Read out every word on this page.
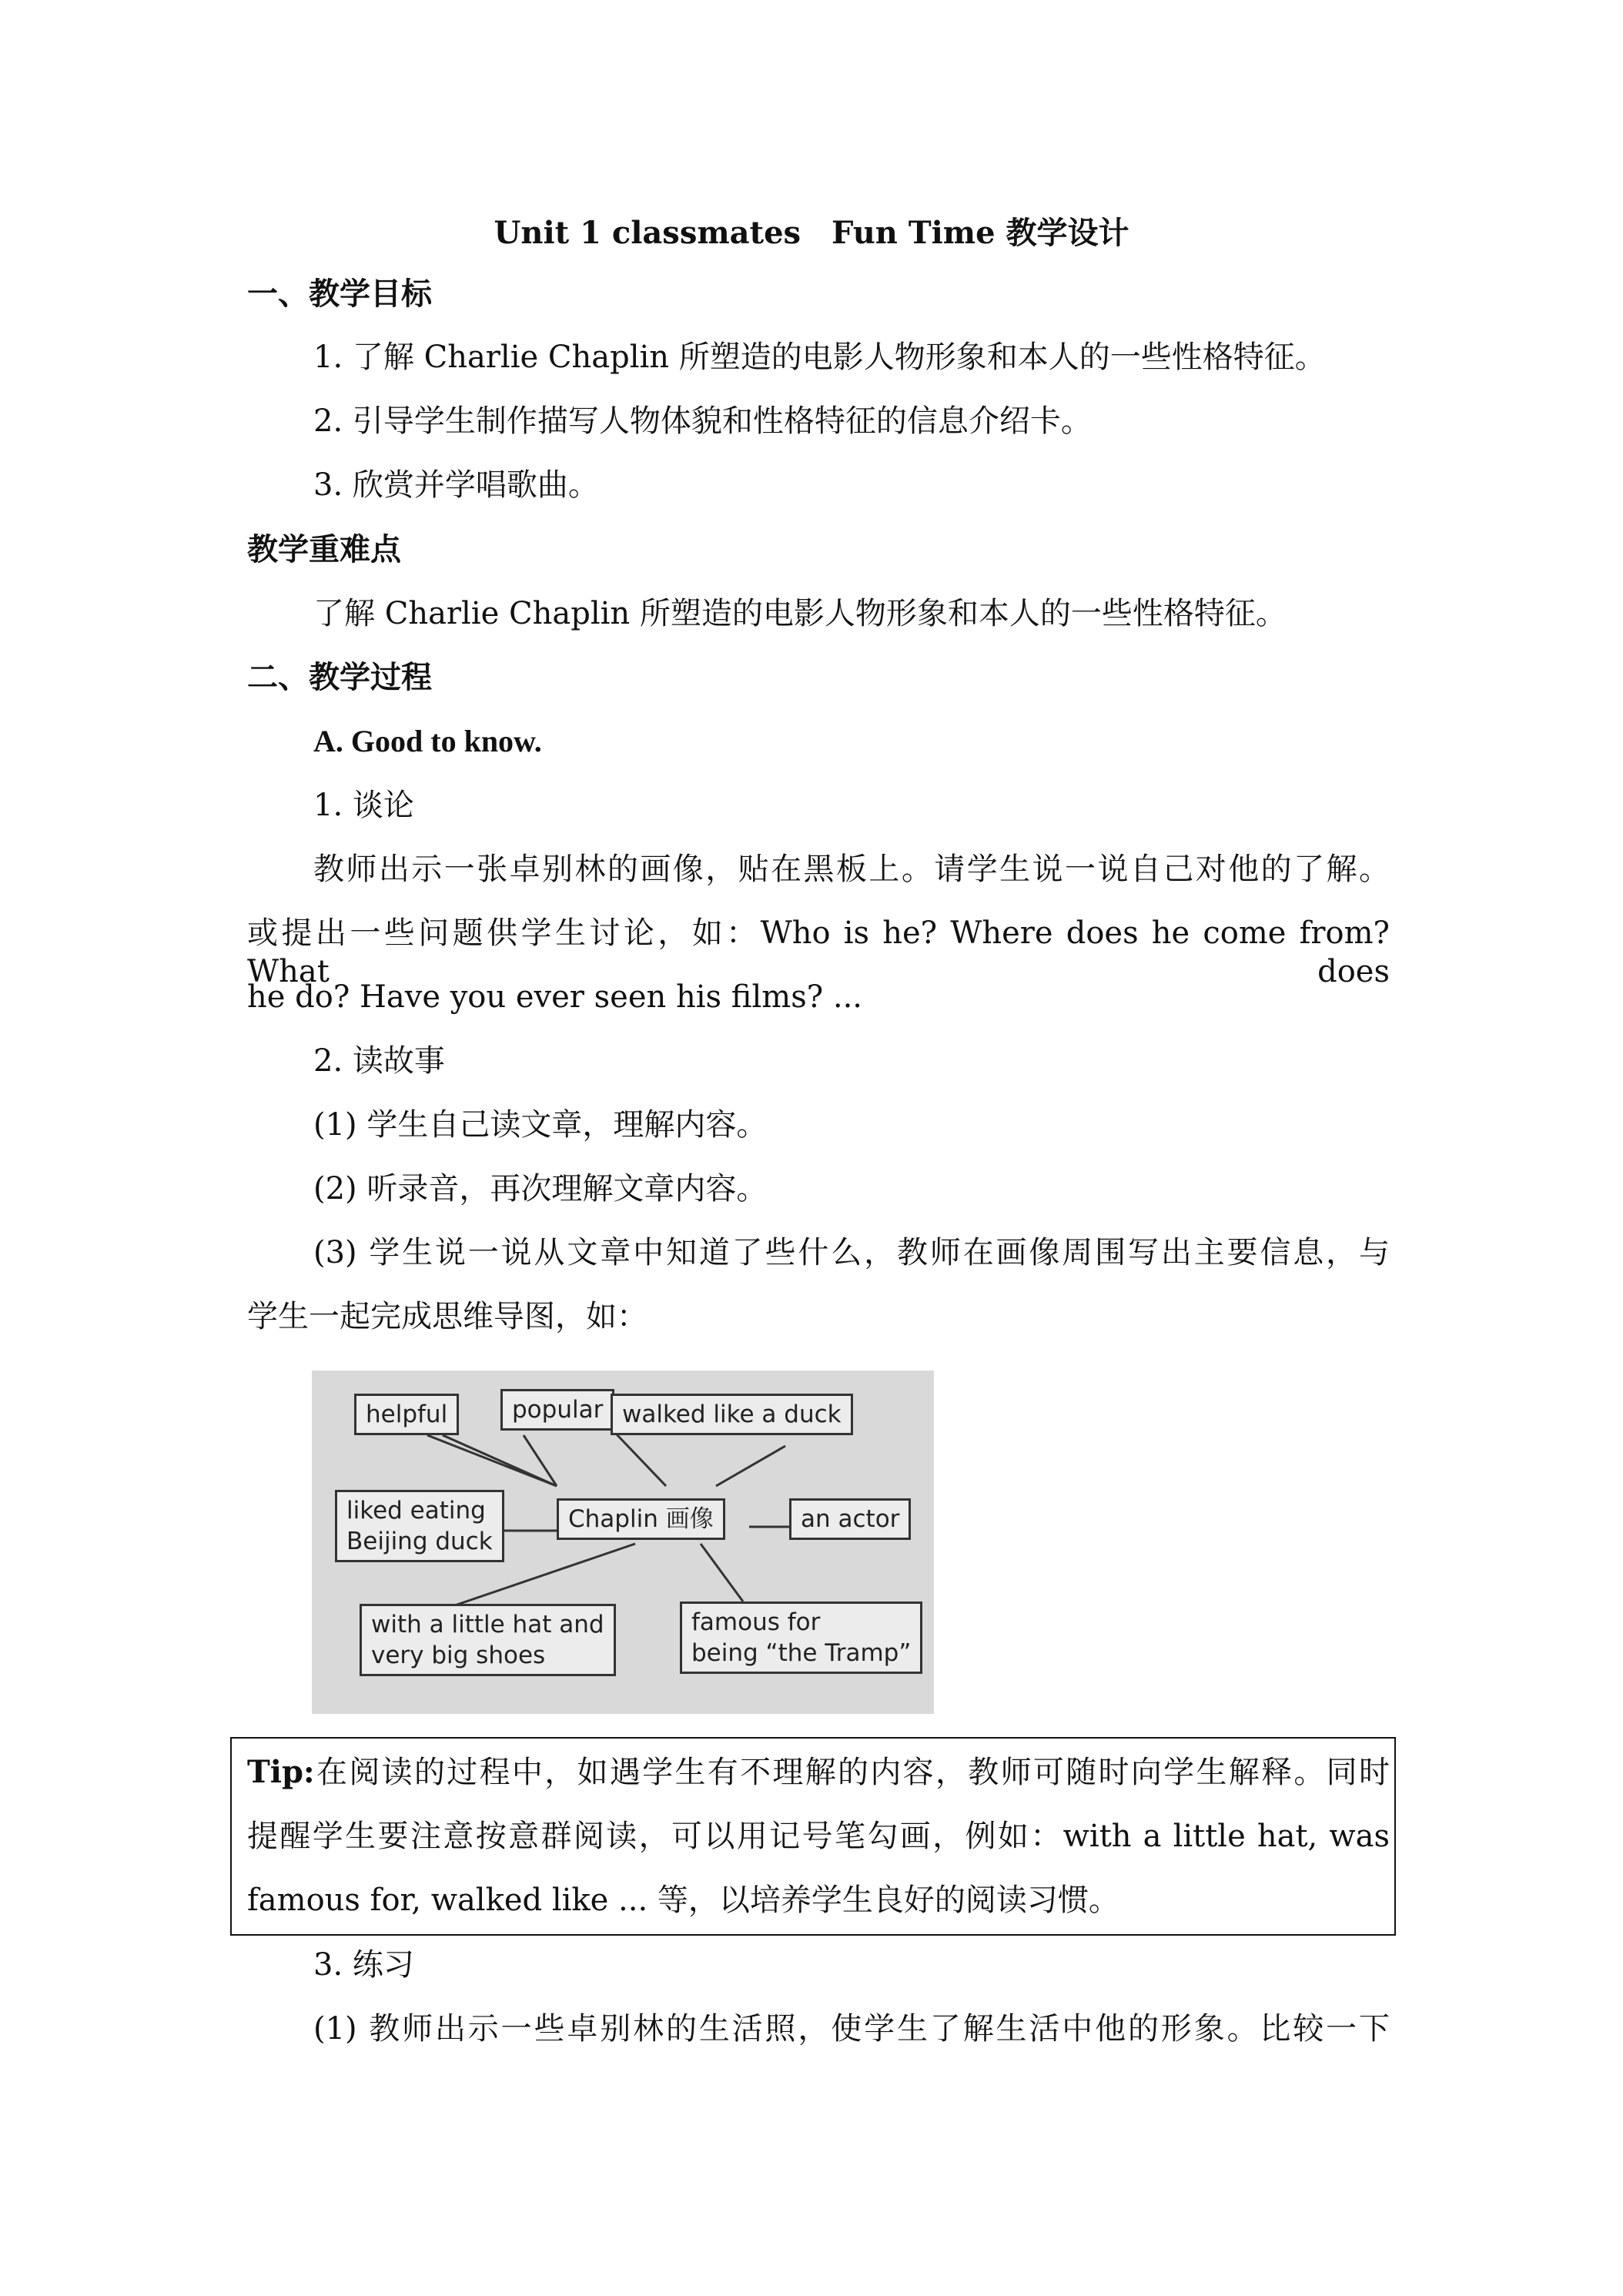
Unit 1 classmates　Fun Time 教学设计
一、教学目标
1. 了解 Charlie Chaplin 所塑造的电影人物形象和本人的一些性格特征。
2. 引导学生制作描写人物体貌和性格特征的信息介绍卡。
3. 欣赏并学唱歌曲。
教学重难点
了解 Charlie Chaplin 所塑造的电影人物形象和本人的一些性格特征。
二、教学过程
A. Good to know.
1. 谈论
教师出示一张卓别林的画像，贴在黑板上。请学生说一说自己对他的了解。
或提出一些问题供学生讨论，如：Who is he? Where does he come from? What does
he do? Have you ever seen his films? ...
2. 读故事
(1) 学生自己读文章，理解内容。
(2) 听录音，再次理解文章内容。
(3) 学生说一说从文章中知道了些什么，教师在画像周围写出主要信息，与
学生一起完成思维导图，如：
helpful	popular walked like a duck
liked eating
Beijing duck
Chaplin 画像	an actor
with a little hat and
very big shoes
famous for
being “the Tramp”
Tip:在阅读的过程中，如遇学生有不理解的内容，教师可随时向学生解释。同时
提醒学生要注意按意群阅读，可以用记号笔勾画，例如：with a little hat, was
famous for, walked like ... 等，以培养学生良好的阅读习惯。
3. 练习
(1) 教师出示一些卓别林的生活照，使学生了解生活中他的形象。比较一下
